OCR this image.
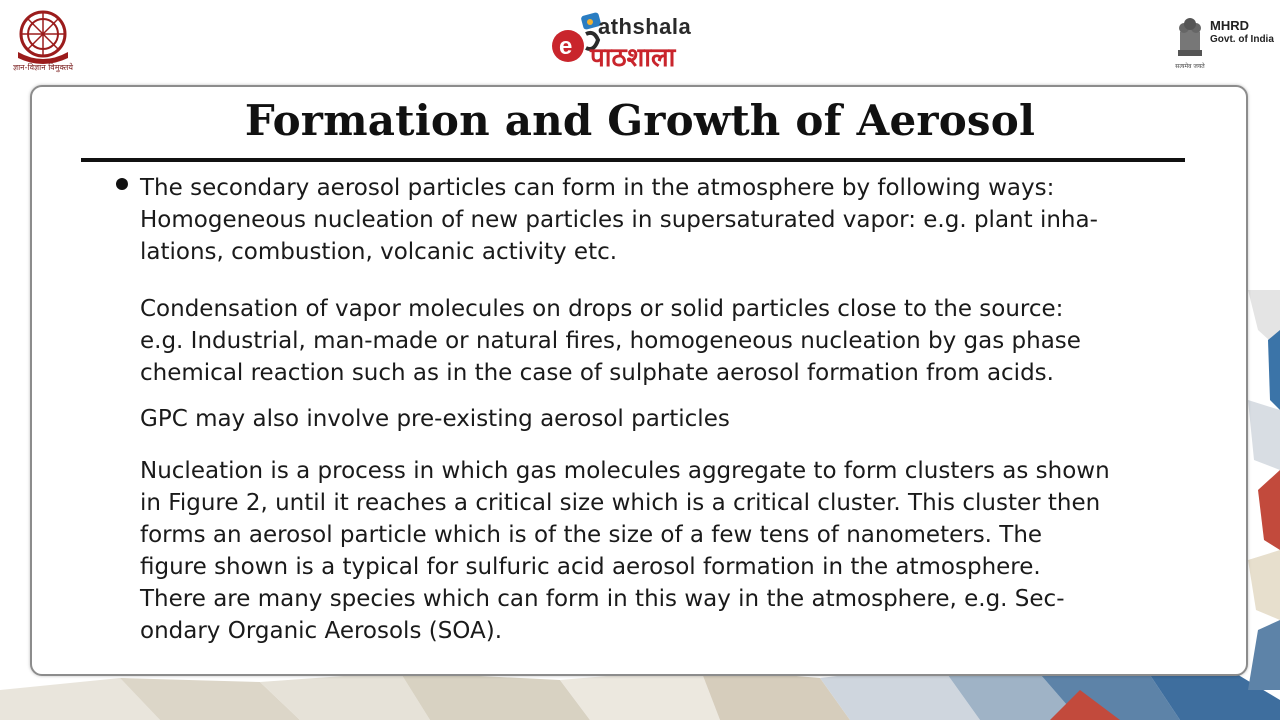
ज्ञान-विज्ञान विमुक्तये
e
athshala
पाठशाला
MHRD
Govt. of India
सत्यमेव जयते
Formation and Growth of Aerosol

The secondary aerosol particles can form in the atmosphere by following ways:
Homogeneous nucleation of new particles in supersaturated vapor: e.g. plant inha-
lations, combustion, volcanic activity etc.

Condensation of vapor molecules on drops or solid particles close to the source:
e.g. Industrial, man-made or natural fires, homogeneous nucleation by gas phase
chemical reaction such as in the case of sulphate aerosol formation from acids.

GPC may also involve pre-existing aerosol particles

Nucleation is a process in which gas molecules aggregate to form clusters as shown
in Figure 2, until it reaches a critical size which is a critical cluster. This cluster then
forms an aerosol particle which is of the size of a few tens of nanometers. The
figure shown is a typical for sulfuric acid aerosol formation in the atmosphere.
There are many species which can form in this way in the atmosphere, e.g. Sec-
ondary Organic Aerosols (SOA).
